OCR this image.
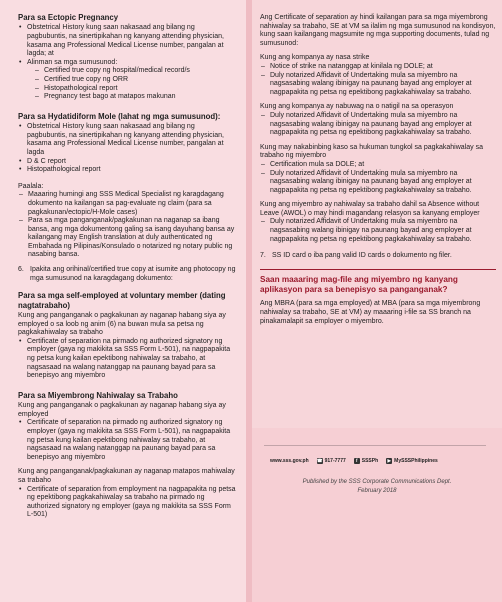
Para sa Ectopic Pregnancy
• Obstetrical History kung saan nakasaad ang bilang ng pagbubuntis, na sinertipikahan ng kanyang attending physician, kasama ang Professional Medical License number, pangalan at lagda; at
• Alinman sa mga sumusunod:
– Certified true copy ng hospital/medical record/s
– Certified true copy ng ORR
– Histopathological report
– Pregnancy test bago at matapos makunan
Para sa Hydatidiform Mole (lahat ng mga sumusunod):
• Obstetrical History kung saan nakasaad ang bilang ng pagbubuntis, na sinertipikahan ng kanyang attending physician, kasama ang Professional Medical License number, pangalan at lagda
• D & C report
• Histopathological report

Paalala:

– Maaaring humingi ang SSS Medical Specialist ng karagdagang dokumento na kailangan sa pag-evaluate ng claim (para sa pagkakunan/ectopic/H-Mole cases)
– Para sa mga panganganak/pagkakunan na naganap sa ibang bansa, ang mga dokumentong galing sa isang dayuhang bansa ay kailangang may English translation at duly authenticated ng Embahada ng Pilipinas/Konsulado o notarized ng notary public ng nasabing bansa.
6. Ipakita ang orihinal/certified true copy at isumite ang photocopy ng mga sumusunod na karagdagang dokumento:
Para sa mga self-employed at voluntary member (dating nagtatrabaho)

Kung ang panganganak o pagkakunan ay naganap habang siya ay employed o sa loob ng anim (6) na buwan mula sa petsa ng pagkakahiwalay sa trabaho

• Certificate of separation na pirmado ng authorized signatory ng employer (gaya ng makikita sa SSS Form L-501), na nagpapakita ng petsa kung kailan epektibong nahiwalay sa trabaho, at nagsasaad na walang natanggap na paunang bayad para sa benepisyo ang miyembro
Para sa Miyembrong Nahiwalay sa Trabaho

Kung ang panganganak o pagkakunan ay naganap habang siya ay employed

• Certificate of separation na pirmado ng authorized signatory ng employer (gaya ng makikita sa SSS Form L-501), na nagpapakita ng petsa kung kailan epektibong nahiwalay sa trabaho, at nagsasaad na walang natanggap na paunang bayad para sa benepisyo ang miyembro

Kung ang panganganak/pagkakunan ay naganap matapos mahiwalay sa trabaho

• Certificate of separation from employment na nagpapakita ng petsa ng epektibong pagkakahiwalay sa trabaho na pirmado ng authorized signatory ng employer (gaya ng makikita sa SSS Form L-501)

Ang Certificate of separation ay hindi kailangan para sa mga miyembrong nahiwalay sa trabaho, SE at VM sa ilalim ng mga sumusunod na kondisyon, kung saan kailangang magsumite ng mga supporting documents, tulad ng sumusunod:

Kung ang kompanya ay nasa strike

– Notice of strike na natanggap at kinilala ng DOLE; at
– Duly notarized Affidavit of Undertaking mula sa miyembro na nagsasabing walang ibinigay na paunang bayad ang employer at nagpapakita ng petsa ng epektibong pagkakahiwalay sa trabaho.

Kung ang kompanya ay nabuwag na o natigil na sa operasyon

– Duly notarized Affidavit of Undertaking mula sa miyembro na nagsasabing walang ibinigay na paunang bayad ang employer at nagpapakita ng petsa ng epektibong pagkakahiwalay sa trabaho.

Kung may nakabinbing kaso sa hukuman tungkol sa pagkakahiwalay sa trabaho ng miyembro

– Certification mula sa DOLE; at
– Duly notarized Affidavit of Undertaking mula sa miyembro na nagsasabing walang ibinigay na paunang bayad ang employer at nagpapakita ng petsa ng epektibong pagkakahiwalay sa trabaho.

Kung ang miyembro ay nahiwalay sa trabaho dahil sa Absence without Leave (AWOL) o may hindi magandang relasyon sa kanyang employer

– Duly notarized Affidavit of Undertaking mula sa miyembro na nagsasabing walang ibinigay na paunang bayad ang employer at nagpapakita ng petsa ng epektibong pagkakahiwalay sa trabaho.
7. SS ID card o iba pang valid ID cards o dokumento ng filer.
Saan maaaring mag-file ang miyembro ng kanyang aplikasyon para sa benepisyo sa panganganak?

Ang MBRA (para sa mga employed) at MBA (para sa mga miyembrong nahiwalay sa trabaho, SE at VM) ay maaaring i-file sa SS branch na pinakamalapit sa employer o miyembro.

www.sss.gov.ph ☎ 917-7777	f SSSPh ▶ MySSSPhilippines
Published by the SSS Corporate Communications Dept.
February 2018
